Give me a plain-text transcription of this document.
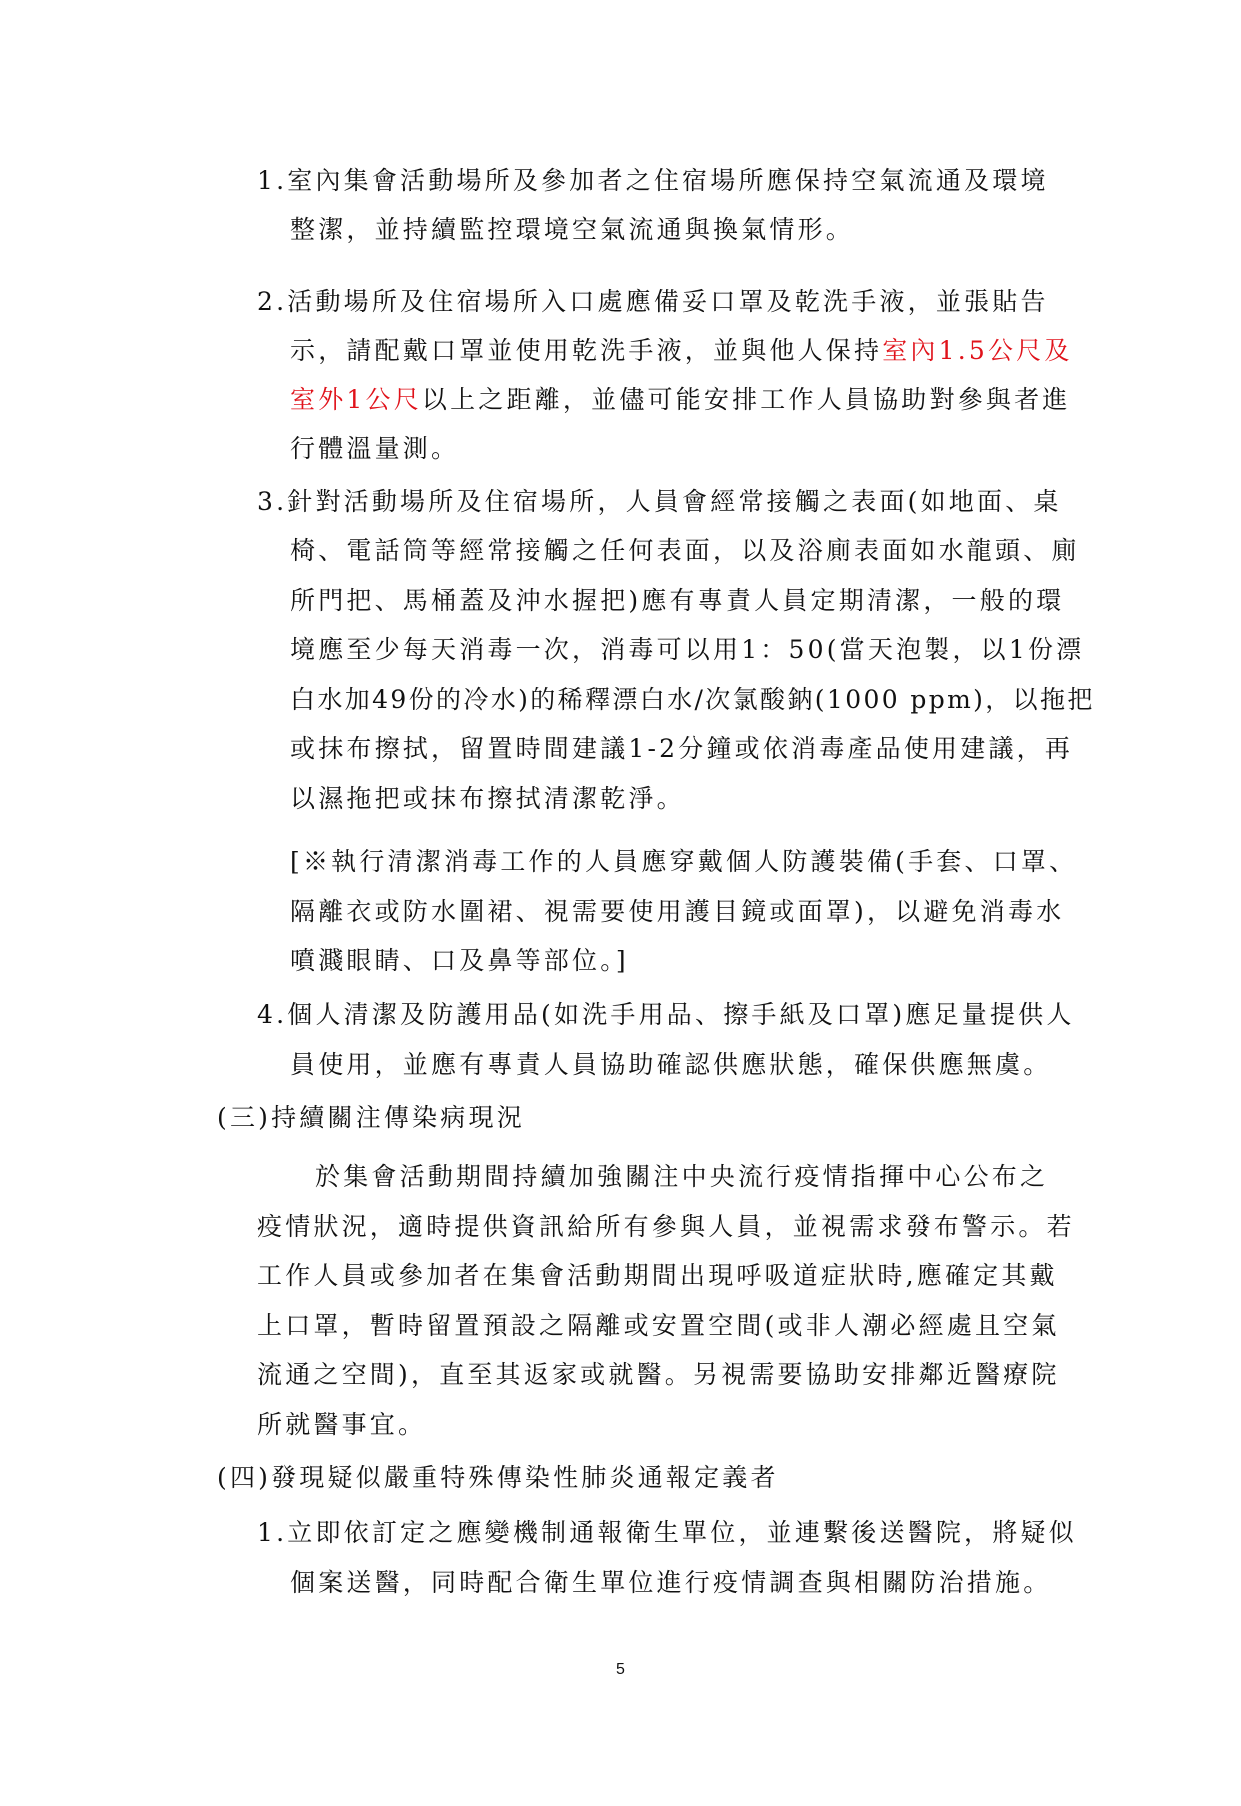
1.室內集會活動場所及參加者之住宿場所應保持空氣流通及環境
整潔，並持續監控環境空氣流通與換氣情形。
2.活動場所及住宿場所入口處應備妥口罩及乾洗手液，並張貼告
示，請配戴口罩並使用乾洗手液，並與他人保持室內1.5公尺及
室外1公尺以上之距離，並儘可能安排工作人員協助對參與者進
行體溫量測。
3.針對活動場所及住宿場所，人員會經常接觸之表面(如地面、桌
椅、電話筒等經常接觸之任何表面，以及浴廁表面如水龍頭、廁
所門把、馬桶蓋及沖水握把)應有專責人員定期清潔，一般的環
境應至少每天消毒一次，消毒可以用1：50(當天泡製，以1份漂
白水加49份的冷水)的稀釋漂白水/次氯酸鈉(1000 ppm)，以拖把
或抹布擦拭，留置時間建議1-2分鐘或依消毒產品使用建議，再
以濕拖把或抹布擦拭清潔乾淨。
[※執行清潔消毒工作的人員應穿戴個人防護裝備(手套、口罩、
隔離衣或防水圍裙、視需要使用護目鏡或面罩)，以避免消毒水
噴濺眼睛、口及鼻等部位。]
4.個人清潔及防護用品(如洗手用品、擦手紙及口罩)應足量提供人
員使用，並應有專責人員協助確認供應狀態，確保供應無虞。
(三)持續關注傳染病現況
於集會活動期間持續加強關注中央流行疫情指揮中心公布之
疫情狀況，適時提供資訊給所有參與人員，並視需求發布警示。若
工作人員或參加者在集會活動期間出現呼吸道症狀時,應確定其戴
上口罩，暫時留置預設之隔離或安置空間(或非人潮必經處且空氣
流通之空間)，直至其返家或就醫。另視需要協助安排鄰近醫療院
所就醫事宜。
(四)發現疑似嚴重特殊傳染性肺炎通報定義者
1.立即依訂定之應變機制通報衛生單位，並連繫後送醫院，將疑似
個案送醫，同時配合衛生單位進行疫情調查與相關防治措施。
5
